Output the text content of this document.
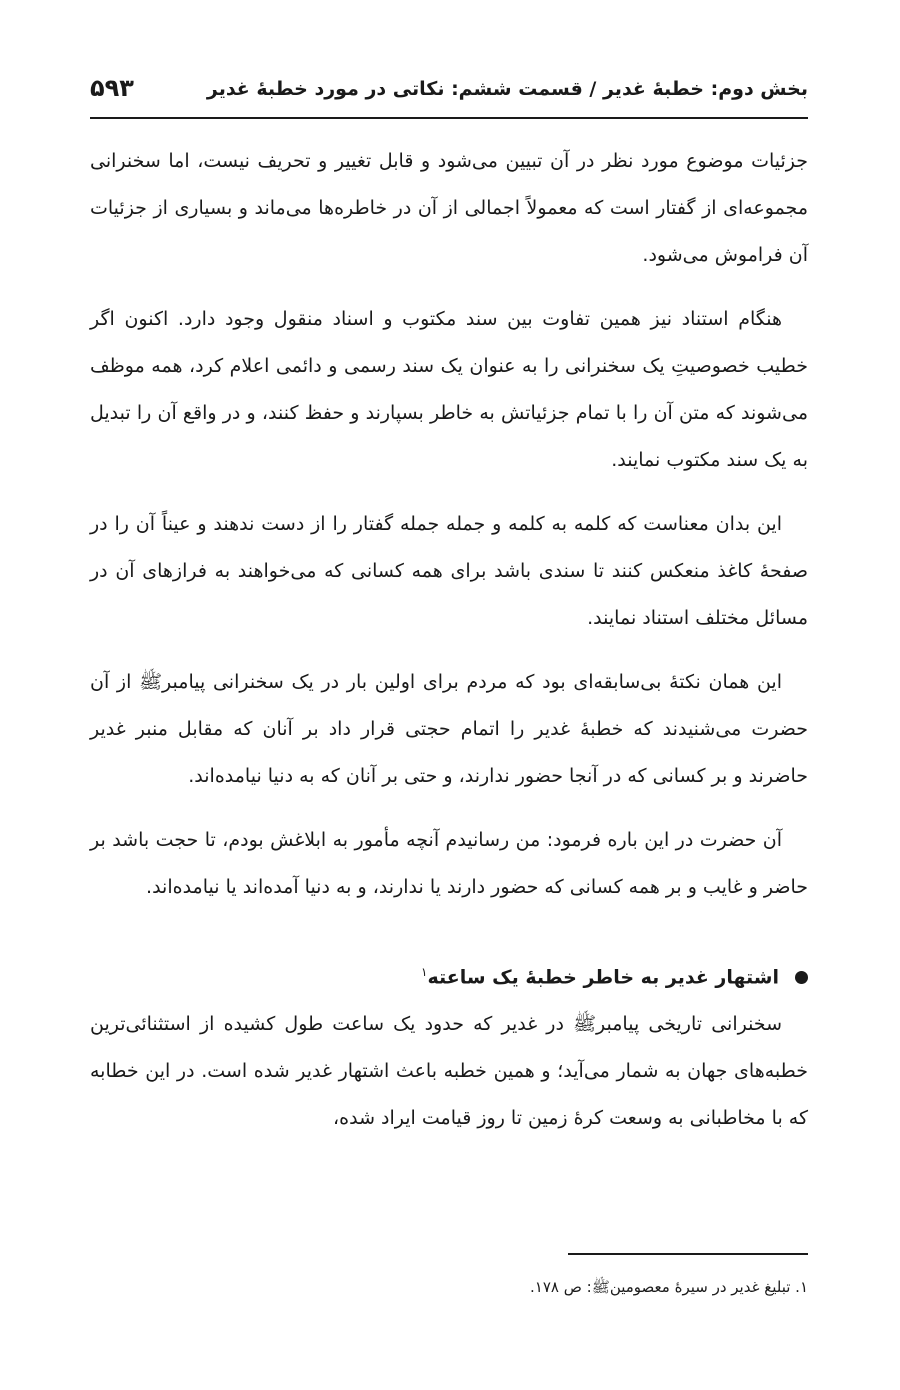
بخش دوم: خطبهٔ غدیر / قسمت ششم: نکاتی در مورد خطبهٔ غدیر
۵۹۳

جزئیات موضوع مورد نظر در آن تبیین می‌شود و قابل تغییر و تحریف نیست، اما سخنرانی مجموعه‌ای از گفتار است که معمولاً اجمالی از آن در خاطره‌ها می‌ماند و بسیاری از جزئیات آن فراموش می‌شود.

هنگام استناد نیز همین تفاوت بین سند مکتوب و اسناد منقول وجود دارد. اکنون اگر خطیب خصوصیتِ یک سخنرانی را به عنوان یک سند رسمی و دائمی اعلام کرد، همه موظف می‌شوند که متن آن را با تمام جزئیاتش به خاطر بسپارند و حفظ کنند، و در واقع آن را تبدیل به یک سند مکتوب نمایند.

این بدان معناست که کلمه به کلمه و جمله جمله گفتار را از دست ندهند و عیناً آن را در صفحهٔ کاغذ منعکس کنند تا سندی باشد برای همه کسانی که می‌خواهند به فرازهای آن در مسائل مختلف استناد نمایند.

این همان نکتهٔ بی‌سابقه‌ای بود که مردم برای اولین بار در یک سخنرانی پیامبرﷺ از آن حضرت می‌شنیدند که خطبهٔ غدیر را اتمام حجتی قرار داد بر آنان که مقابل منبر غدیر حاضرند و بر کسانی که در آنجا حضور ندارند، و حتی بر آنان که به دنیا نیامده‌اند.

آن حضرت در این باره فرمود: من رسانیدم آنچه مأمور به ابلاغش بودم، تا حجت باشد بر حاضر و غایب و بر همه کسانی که حضور دارند یا ندارند، و به دنیا آمده‌اند یا نیامده‌اند.

اشتهار غدیر به خاطر خطبهٔ یک ساعته$^۱$

سخنرانی تاریخی پیامبرﷺ در غدیر که حدود یک ساعت طول کشیده از استثنائی‌ترین خطبه‌های جهان به شمار می‌آید؛ و همین خطبه باعث اشتهار غدیر شده است. در این خطابه که با مخاطبانی به وسعت کرهٔ زمین تا روز قیامت ایراد شده،

۱. تبلیغ غدیر در سیرهٔ معصومینﷺ: ص ۱۷۸.
